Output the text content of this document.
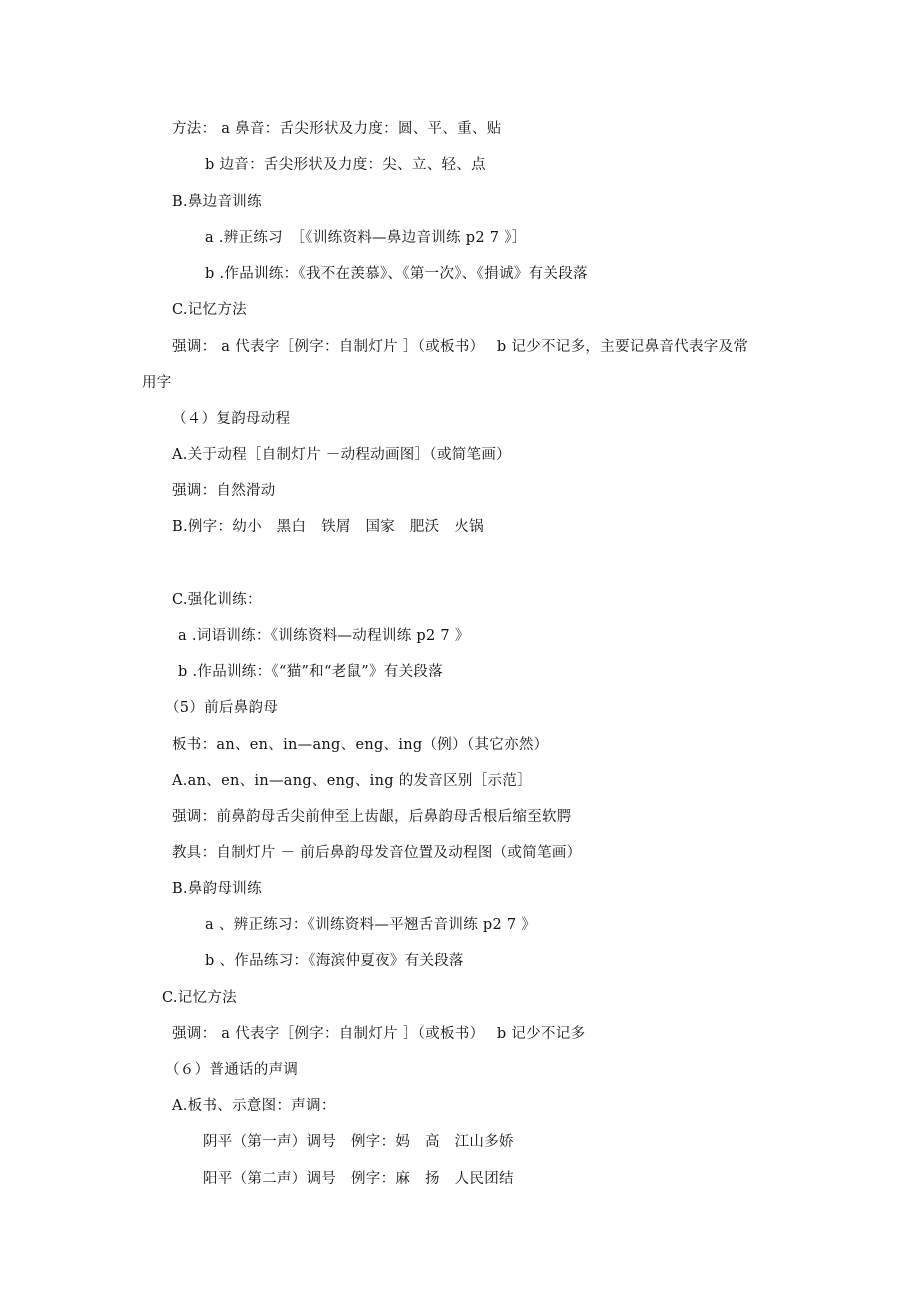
方法： a 鼻音：舌尖形状及力度：圆、平、重、贴
b 边音：舌尖形状及力度：尖、立、轻、点
B.鼻边音训练
a .辨正练习　［《训练资料—鼻边音训练 p2 7 》］
b .作品训练：《我不在羡慕》、《第一次》、《捐诚》有关段落
C.记忆方法
强调： a 代表字［例字：自制灯片 ］（或板书）　 b 记少不记多，主要记鼻音代表字及常
用字
（４）复韵母动程
A.关于动程［自制灯片 －动程动画图］（或简笔画）
强调：自然滑动
B.例字：幼小　黑白　铁屑　国家　肥沃　火锅
C.强化训练：
a .词语训练：《训练资料—动程训练 p2 7 》
b .作品训练：《“猫”和“老鼠”》有关段落
（5）前后鼻韵母
板书：an、en、in—ang、eng、ing（例）（其它亦然）
A.an、en、in—ang、eng、ing 的发音区别［示范］
强调：前鼻韵母舌尖前伸至上齿龈，后鼻韵母舌根后缩至软腭
教具：自制灯片 － 前后鼻韵母发音位置及动程图（或简笔画）
B.鼻韵母训练
a 、辨正练习：《训练资料—平翘舌音训练 p2 7 》
b 、作品练习：《海滨仲夏夜》有关段落
C.记忆方法
强调： a 代表字［例字：自制灯片 ］（或板书）　 b 记少不记多
（６）普通话的声调
A.板书、示意图：声调：
阴平（第一声）调号　例字：妈　高　江山多娇
阳平（第二声）调号　例字：麻　扬　人民团结
